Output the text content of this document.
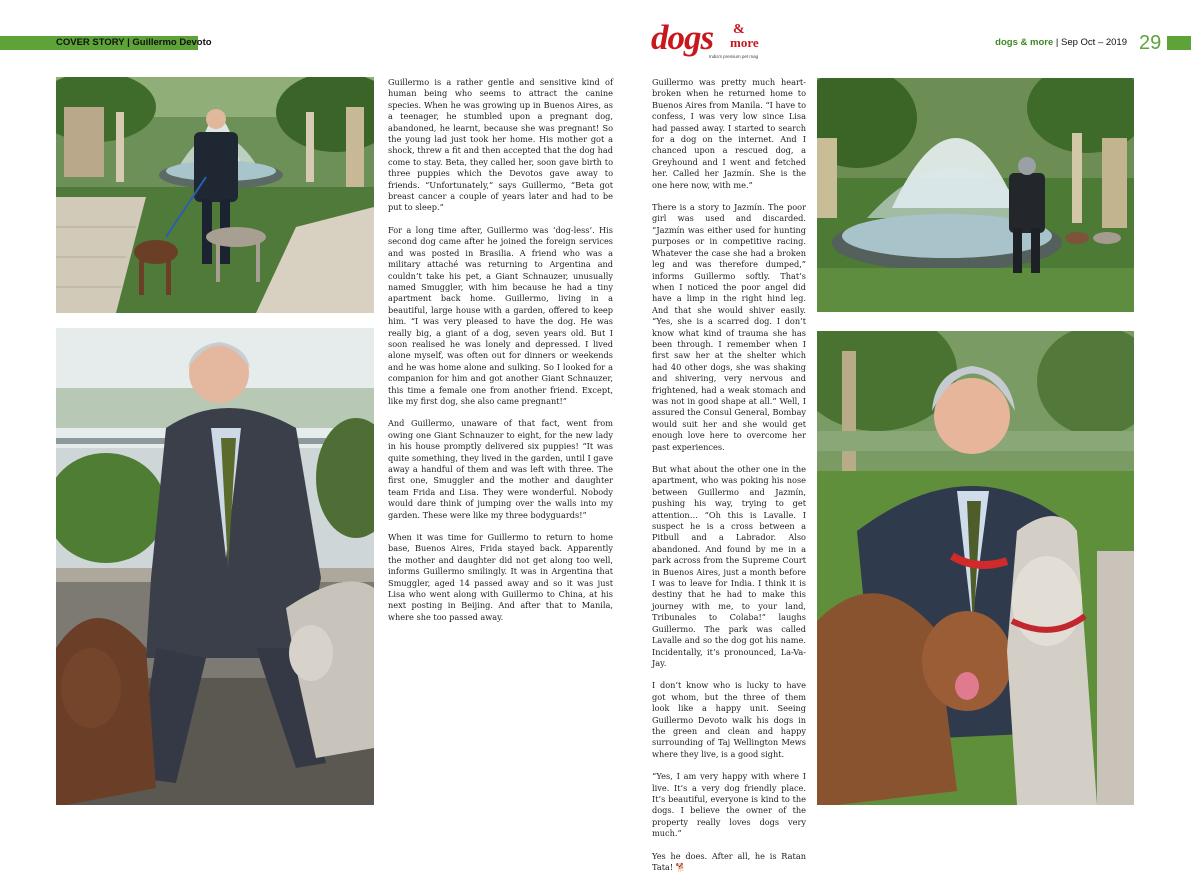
COVER STORY | Guillermo Devoto	dogs &
more
India's premium pet mag
dogs & more | Sep Oct – 2019 29

Guillermo is a rather gentle and sensitive kind of human being who seems to attract the canine species. When he was growing up in Buenos Aires, as a teenager, he stumbled upon a pregnant dog, abandoned, he learnt, because she was pregnant! So the young lad just took her home. His mother got a shock, threw a fit and then accepted that the dog had come to stay. Beta, they called her, soon gave birth to three puppies which the Devotos gave away to friends. “Unfortunately,” says Guillermo, “Beta got breast cancer a couple of years later and had to be put to sleep.”

For a long time after, Guillermo was ‘dog-less’. His second dog came after he joined the foreign services and was posted in Brasilia. A friend who was a military attaché was returning to Argentina and couldn’t take his pet, a Giant Schnauzer, unusually named Smuggler, with him because he had a tiny apartment back home. Guillermo, living in a beautiful, large house with a garden, offered to keep him. “I was very pleased to have the dog. He was really big, a giant of a dog, seven years old. But I soon realised he was lonely and depressed. I lived alone myself, was often out for dinners or weekends and he was home alone and sulking. So I looked for a companion for him and got another Giant Schnauzer, this time a female one from another friend. Except, like my first dog, she also came pregnant!”

And Guillermo, unaware of that fact, went from owing one Giant Schnauzer to eight, for the new lady in his house promptly delivered six puppies! “It was quite something, they lived in the garden, until I gave away a handful of them and was left with three. The first one, Smuggler and the mother and daughter team Frida and Lisa. They were wonderful. Nobody would dare think of jumping over the walls into my garden. These were like my three bodyguards!”

When it was time for Guillermo to return to home base, Buenos Aires, Frida stayed back. Apparently the mother and daughter did not get along too well, informs Guillermo smilingly. It was in Argentina that Smuggler, aged 14 passed away and so it was just Lisa who went along with Guillermo to China, at his next posting in Beijing. And after that to Manila, where she too passed away.

Guillermo was pretty much heart-broken when he returned home to Buenos Aires from Manila. “I have to confess, I was very low since Lisa had passed away. I started to search for a dog on the internet. And I chanced upon a rescued dog, a Greyhound and I went and fetched her. Called her Jazmín. She is the one here now, with me.”

There is a story to Jazmín. The poor girl was used and discarded. “Jazmín was either used for hunting purposes or in competitive racing. Whatever the case she had a broken leg and was therefore dumped,” informs Guillermo softly. That’s when I noticed the poor angel did have a limp in the right hind leg. And that she would shiver easily. “Yes, she is a scarred dog. I don’t know what kind of trauma she has been through. I remember when I first saw her at the shelter which had 40 other dogs, she was shaking and shivering, very nervous and frightened, had a weak stomach and was not in good shape at all.” Well, I assured the Consul General, Bombay would suit her and she would get enough love here to overcome her past experiences.

But what about the other one in the apartment, who was poking his nose between Guillermo and Jazmín, pushing his way, trying to get attention… “Oh this is Lavalle. I suspect he is a cross between a Pitbull and a Labrador. Also abandoned. And found by me in a park across from the Supreme Court in Buenos Aires, just a month before I was to leave for India. I think it is destiny that he had to make this journey with me, to your land, Tribunales to Colaba!” laughs Guillermo. The park was called Lavalle and so the dog got his name. Incidentally, it’s pronounced, La-Va-Jay.

I don’t know who is lucky to have got whom, but the three of them look like a happy unit. Seeing Guillermo Devoto walk his dogs in the green and clean and happy surrounding of Taj Wellington Mews where they live, is a good sight.

“Yes, I am very happy with where I live. It’s a very dog friendly place. It’s beautiful, everyone is kind to the dogs. I believe the owner of the property really loves dogs very much.”

Yes he does. After all, he is Ratan Tata! 🐕
